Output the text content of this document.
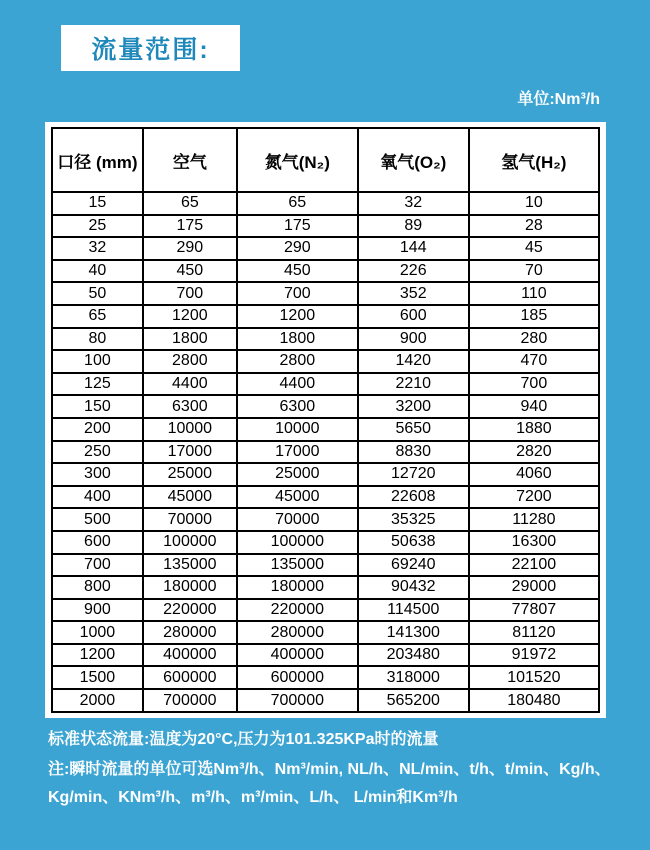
流量范围:
单位:Nm³/h
口径 (mm)	空气	氮气(N₂)	氧气(O₂)	氢气(H₂)
15	65	65	32	10
25	175	175	89	28
32	290	290	144	45
40	450	450	226	70
50	700	700	352	110
65	1200	1200	600	185
80	1800	1800	900	280
100	2800	2800	1420	470
125	4400	4400	2210	700
150	6300	6300	3200	940
200	10000	10000	5650	1880
250	17000	17000	8830	2820
300	25000	25000	12720	4060
400	45000	45000	22608	7200
500	70000	70000	35325	11280
600	100000	100000	50638	16300
700	135000	135000	69240	22100
800	180000	180000	90432	29000
900	220000	220000	114500	77807
1000	280000	280000	141300	81120
1200	400000	400000	203480	91972
1500	600000	600000	318000	101520
2000	700000	700000	565200	180480
标准状态流量:温度为20°C,压力为101.325KPa时的流量
注:瞬时流量的单位可选Nm³/h、Nm³/min, NL/h、NL/min、t/h、t/min、Kg/h、Kg/min、KNm³/h、m³/h、m³/min、L/h、 L/min和Km³/h
